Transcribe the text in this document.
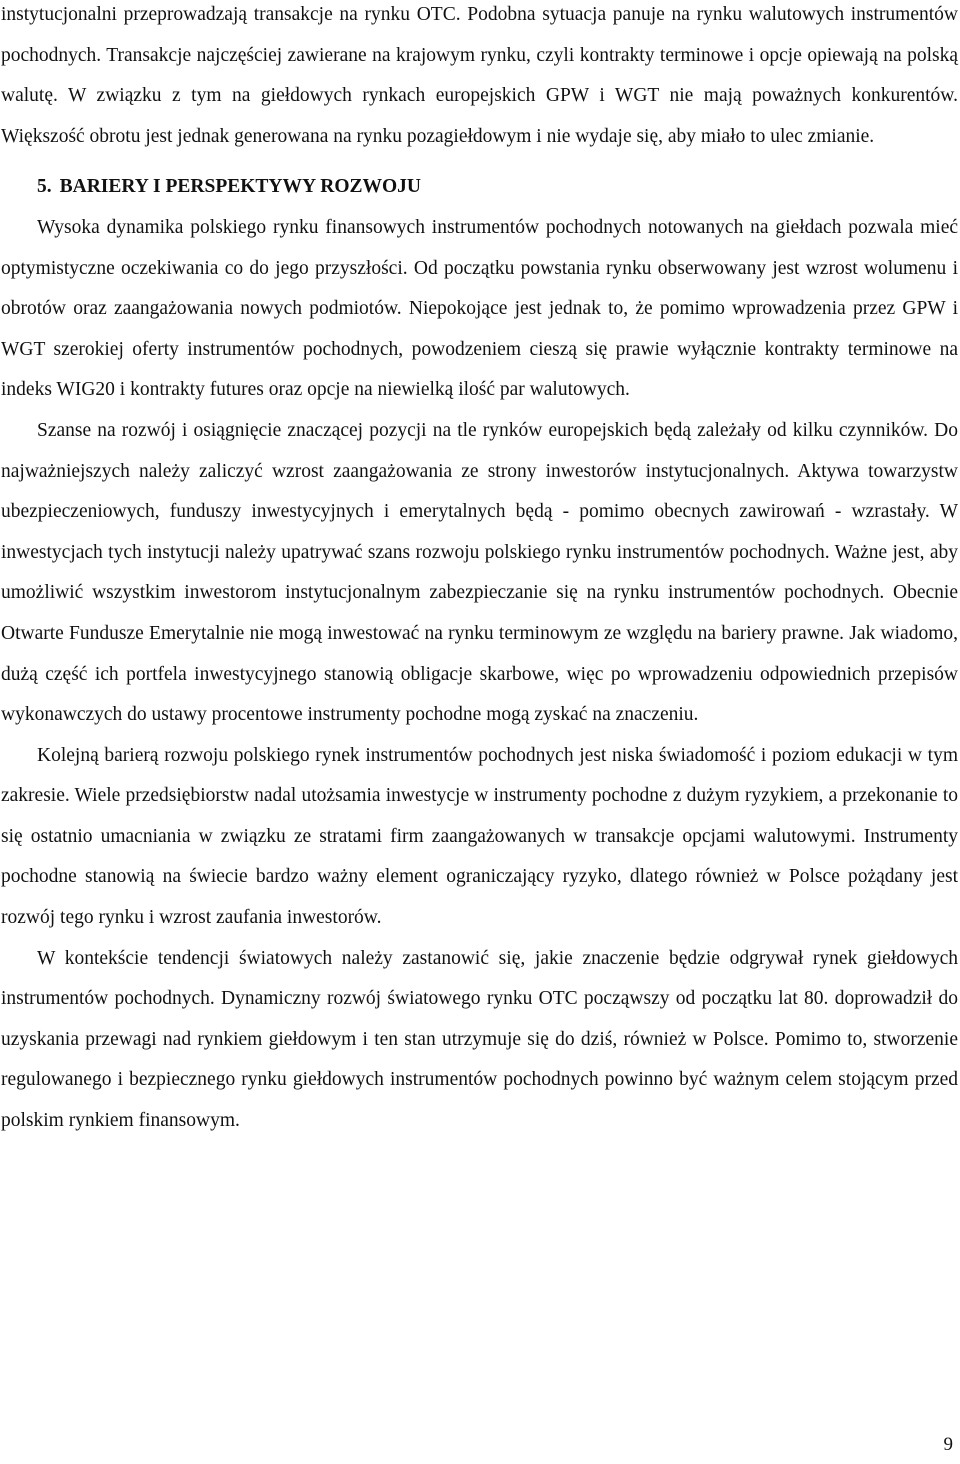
instytucjonalni przeprowadzają transakcje na rynku OTC. Podobna sytuacja panuje na rynku walutowych instrumentów pochodnych. Transakcje najczęściej zawierane na krajowym rynku, czyli kontrakty terminowe i opcje opiewają na polską walutę. W związku z tym na giełdowych rynkach europejskich GPW i WGT nie mają poważnych konkurentów. Większość obrotu jest jednak generowana na rynku pozagiełdowym i nie wydaje się, aby miało to ulec zmianie.

5. BARIERY I PERSPEKTYWY ROZWOJU

Wysoka dynamika polskiego rynku finansowych instrumentów pochodnych notowanych na giełdach pozwala mieć optymistyczne oczekiwania co do jego przyszłości. Od początku powstania rynku obserwowany jest wzrost wolumenu i obrotów oraz zaangażowania nowych podmiotów. Niepokojące jest jednak to, że pomimo wprowadzenia przez GPW i WGT szerokiej oferty instrumentów pochodnych, powodzeniem cieszą się prawie wyłącznie kontrakty terminowe na indeks WIG20 i kontrakty futures oraz opcje na niewielką ilość par walutowych.

Szanse na rozwój i osiągnięcie znaczącej pozycji na tle rynków europejskich będą zależały od kilku czynników. Do najważniejszych należy zaliczyć wzrost zaangażowania ze strony inwestorów instytucjonalnych. Aktywa towarzystw ubezpieczeniowych, funduszy inwestycyjnych i emerytalnych będą - pomimo obecnych zawirowań - wzrastały. W inwestycjach tych instytucji należy upatrywać szans rozwoju polskiego rynku instrumentów pochodnych. Ważne jest, aby umożliwić wszystkim inwestorom instytucjonalnym zabezpieczanie się na rynku instrumentów pochodnych. Obecnie Otwarte Fundusze Emerytalnie nie mogą inwestować na rynku terminowym ze względu na bariery prawne. Jak wiadomo, dużą część ich portfela inwestycyjnego stanowią obligacje skarbowe, więc po wprowadzeniu odpowiednich przepisów wykonawczych do ustawy procentowe instrumenty pochodne mogą zyskać na znaczeniu.

Kolejną barierą rozwoju polskiego rynek instrumentów pochodnych jest niska świadomość i poziom edukacji w tym zakresie. Wiele przedsiębiorstw nadal utożsamia inwestycje w instrumenty pochodne z dużym ryzykiem, a przekonanie to się ostatnio umacniania w związku ze stratami firm zaangażowanych w transakcje opcjami walutowymi. Instrumenty pochodne stanowią na świecie bardzo ważny element ograniczający ryzyko, dlatego również w Polsce pożądany jest rozwój tego rynku i wzrost zaufania inwestorów.

W kontekście tendencji światowych należy zastanowić się, jakie znaczenie będzie odgrywał rynek giełdowych instrumentów pochodnych. Dynamiczny rozwój światowego rynku OTC począwszy od początku lat 80. doprowadził do uzyskania przewagi nad rynkiem giełdowym i ten stan utrzymuje się do dziś, również w Polsce. Pomimo to, stworzenie regulowanego i bezpiecznego rynku giełdowych instrumentów pochodnych powinno być ważnym celem stojącym przed polskim rynkiem finansowym.

9
